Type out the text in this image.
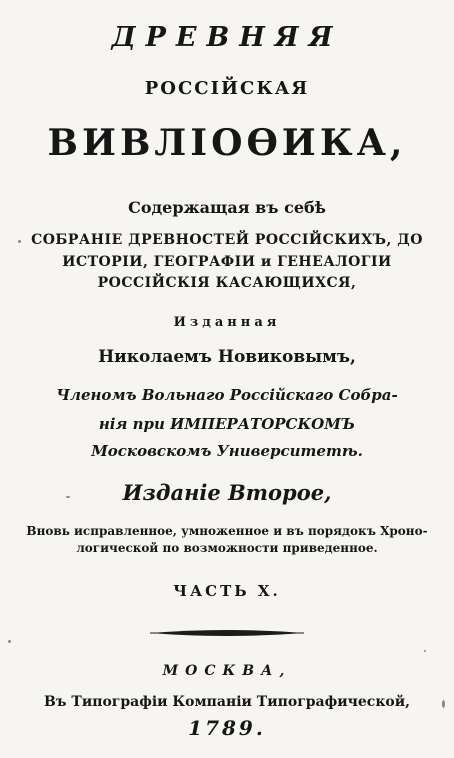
ДРЕВНЯЯ
РОССІЙСКАЯ
ВИВЛІОѲИКА,
Содержащая въ себѣ
СОБРАНІЕ ДРЕВНОСТЕЙ РОССІЙСКИХЪ, ДО
ИСТОРІИ, ГЕОГРАФІИ и ГЕНЕАЛОГІИ
РОССІЙСКІЯ КАСАЮЩИХСЯ,
Изданная
Николаемъ Новиковымъ,
Членомъ Вольнаго Россійскаго Собра-
нія при ИМПЕРАТОРСКОМЪ
Московскомъ Университетѣ.
Изданіе Второе,
Вновь исправленное, умноженное и въ порядокъ Хроно-
логической по возможности приведенное.
ЧАСТЬ Х.
МОСКВА,
Въ Типографіи Компаніи Типографической,
1789.
